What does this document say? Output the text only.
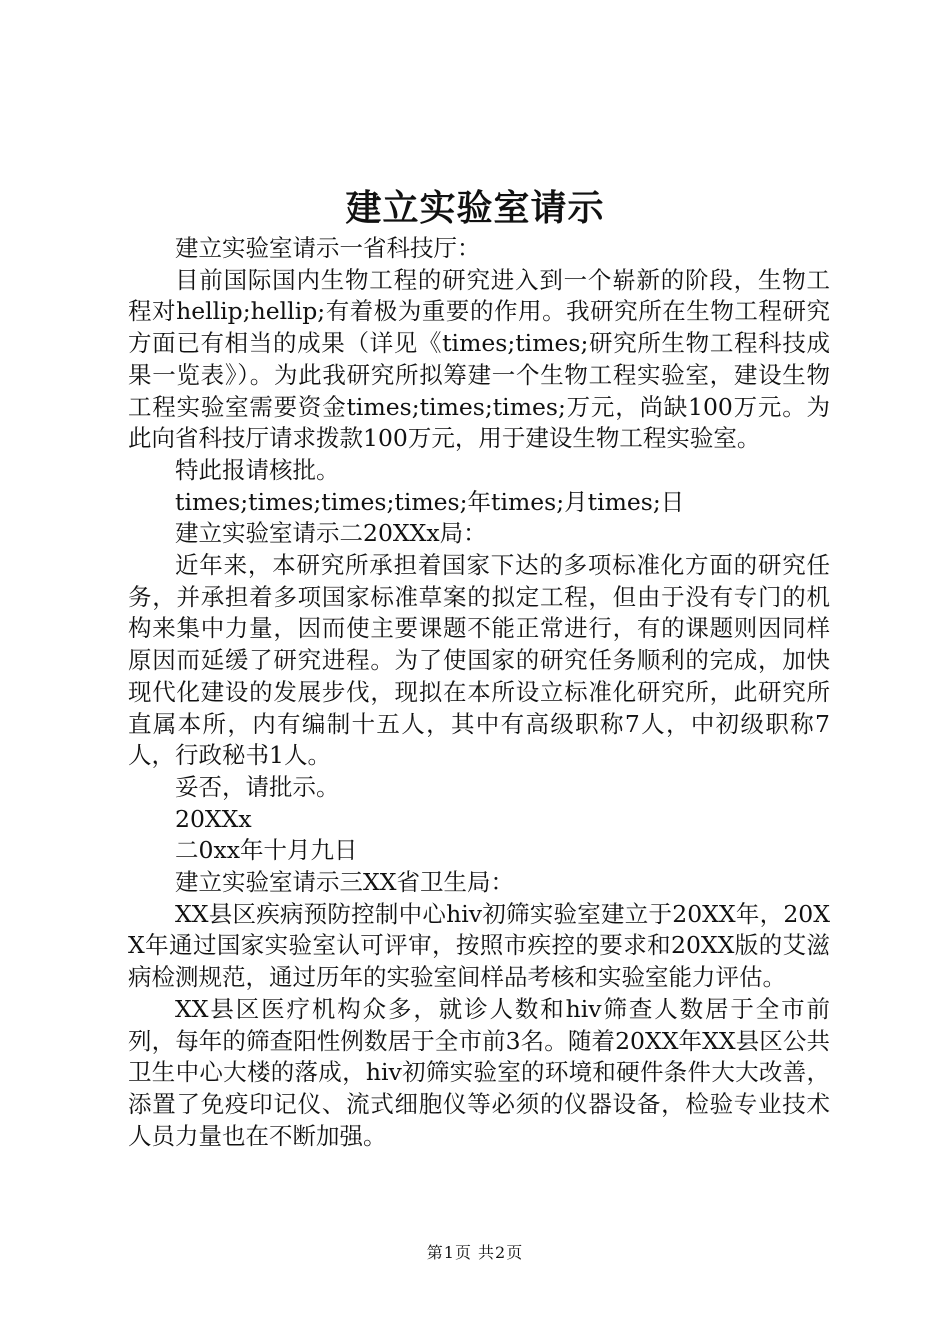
建立实验室请示

建立实验室请示一省科技厅：

目前国际国内生物工程的研究进入到一个崭新的阶段，生物工程对hellip;hellip;有着极为重要的作用。我研究所在生物工程研究方面已有相当的成果（详见《times;times;研究所生物工程科技成果一览表》）。为此我研究所拟筹建一个生物工程实验室，建设生物工程实验室需要资金times;times;times;万元，尚缺100万元。为此向省科技厅请求拨款100万元，用于建设生物工程实验室。

特此报请核批。

times;times;times;times;年times;月times;日

建立实验室请示二20XXx局：

近年来，本研究所承担着国家下达的多项标准化方面的研究任务，并承担着多项国家标准草案的拟定工程，但由于没有专门的机构来集中力量，因而使主要课题不能正常进行，有的课题则因同样原因而延缓了研究进程。为了使国家的研究任务顺利的完成，加快现代化建设的发展步伐，现拟在本所设立标准化研究所，此研究所直属本所，内有编制十五人，其中有高级职称7人，中初级职称7人，行政秘书1人。

妥否，请批示。

20XXx

二0xx年十月九日

建立实验室请示三XX省卫生局：

XX县区疾病预防控制中心hiv初筛实验室建立于20XX年，20XX年通过国家实验室认可评审，按照市疾控的要求和20XX版的艾滋病检测规范，通过历年的实验室间样品考核和实验室能力评估。

XX县区医疗机构众多，就诊人数和hiv筛查人数居于全市前列，每年的筛查阳性例数居于全市前3名。随着20XX年XX县区公共卫生中心大楼的落成，hiv初筛实验室的环境和硬件条件大大改善，添置了免疫印记仪、流式细胞仪等必须的仪器设备，检验专业技术人员力量也在不断加强。

第1页 共2页
